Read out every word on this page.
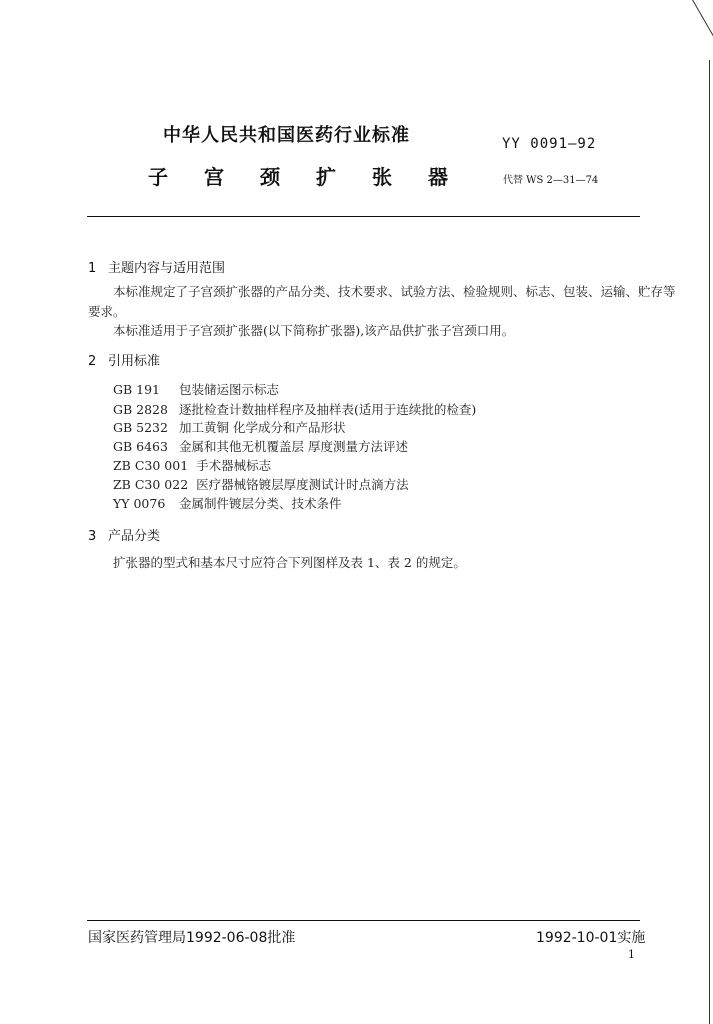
中华人民共和国医药行业标准	YY 0091—92
子 宫 颈 扩 张 器	代替 WS 2—31—74
1 主题内容与适用范围
本标准规定了子宫颈扩张器的产品分类、技术要求、试验方法、检验规则、标志、包装、运输、贮存等
要求。
本标准适用于子宫颈扩张器(以下简称扩张器),该产品供扩张子宫颈口用。
2 引用标准
GB 191 包装储运图示标志
GB 2828 逐批检查计数抽样程序及抽样表(适用于连续批的检查)
GB 5232 加工黄铜 化学成分和产品形状
GB 6463 金属和其他无机覆盖层 厚度测量方法评述
ZB C30 001 手术器械标志
ZB C30 022 医疗器械铬镀层厚度测试计时点滴方法
YY 0076 金属制件镀层分类、技术条件
3 产品分类
扩张器的型式和基本尺寸应符合下列图样及表 1、表 2 的规定。
国家医药管理局1992-06-08批准	1992-10-01实施
1
